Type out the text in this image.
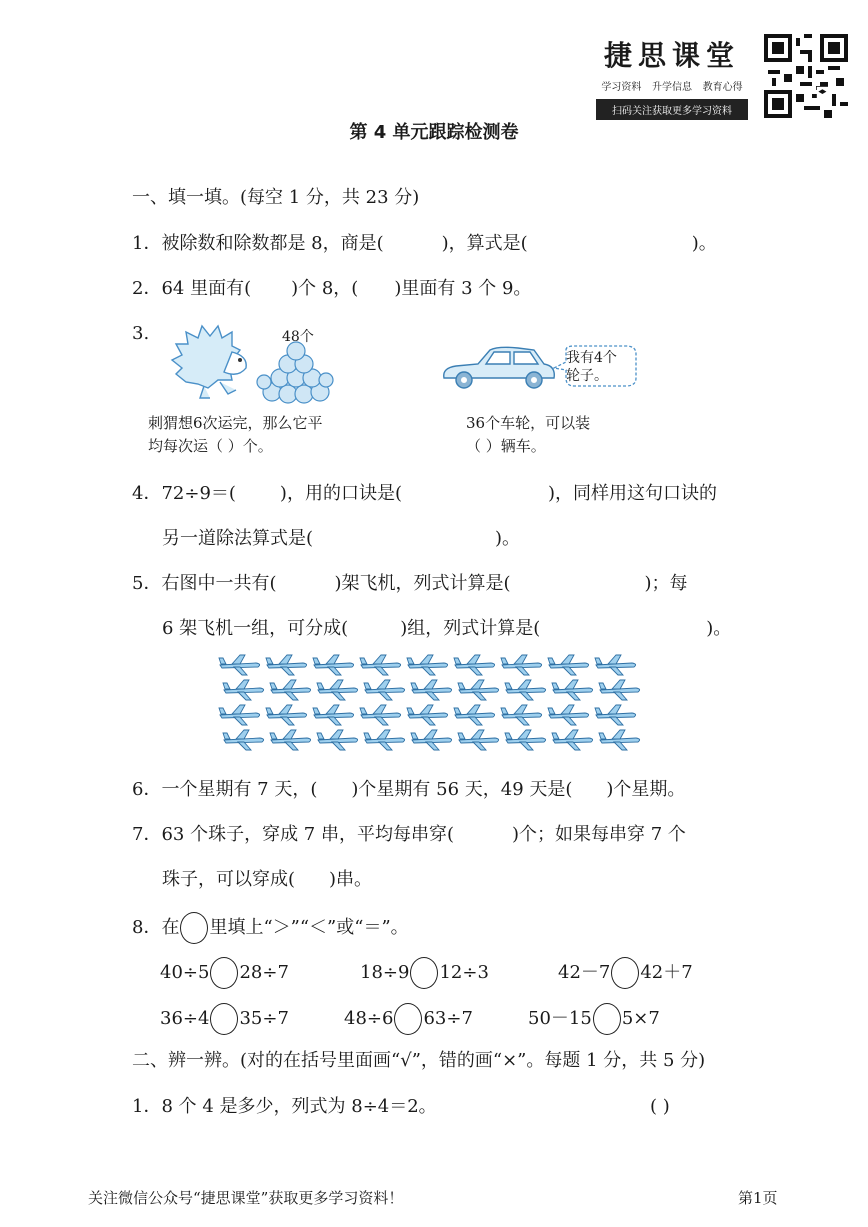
捷思课堂
学习资料 升学信息 教育心得
扫码关注获取更多学习资料
第 4 单元跟踪检测卷
一、填一填。(每空 1 分，共 23 分)
1．被除数和除数都是 8，商是(	)，算式是(	)。
2．64 里面有( )个 8，( )里面有 3 个 9。
3.	48个
刺猬想6次运完，那么它平
均每次运（ ）个。
我有4个
轮子。
36个车轮，可以装
（ ）辆车。
4．72÷9＝( )，用的口诀是(	)，同样用这句口诀的
另一道除法算式是(	)。
5．右图中一共有(	)架飞机，列式计算是(	)；每
6 架飞机一组，可分成(	)组，列式计算是(	)。
6．一个星期有 7 天，( )个星期有 56 天，49 天是( )个星期。
7．63 个珠子，穿成 7 串，平均每串穿(	)个；如果每串穿 7 个
珠子，可以穿成( )串。
8．在 里填上“＞”“＜”或“＝”。
40÷5 28÷7	18÷9 12÷3	42－7 42＋7
36÷4 35÷7	48÷6 63÷7	50－15 5×7
二、辨一辨。(对的在括号里面画“√”，错的画“×”。每题 1 分，共 5 分)
1．8 个 4 是多少，列式为 8÷4＝2。	( )
关注微信公众号“捷思课堂”获取更多学习资料！	第1页
